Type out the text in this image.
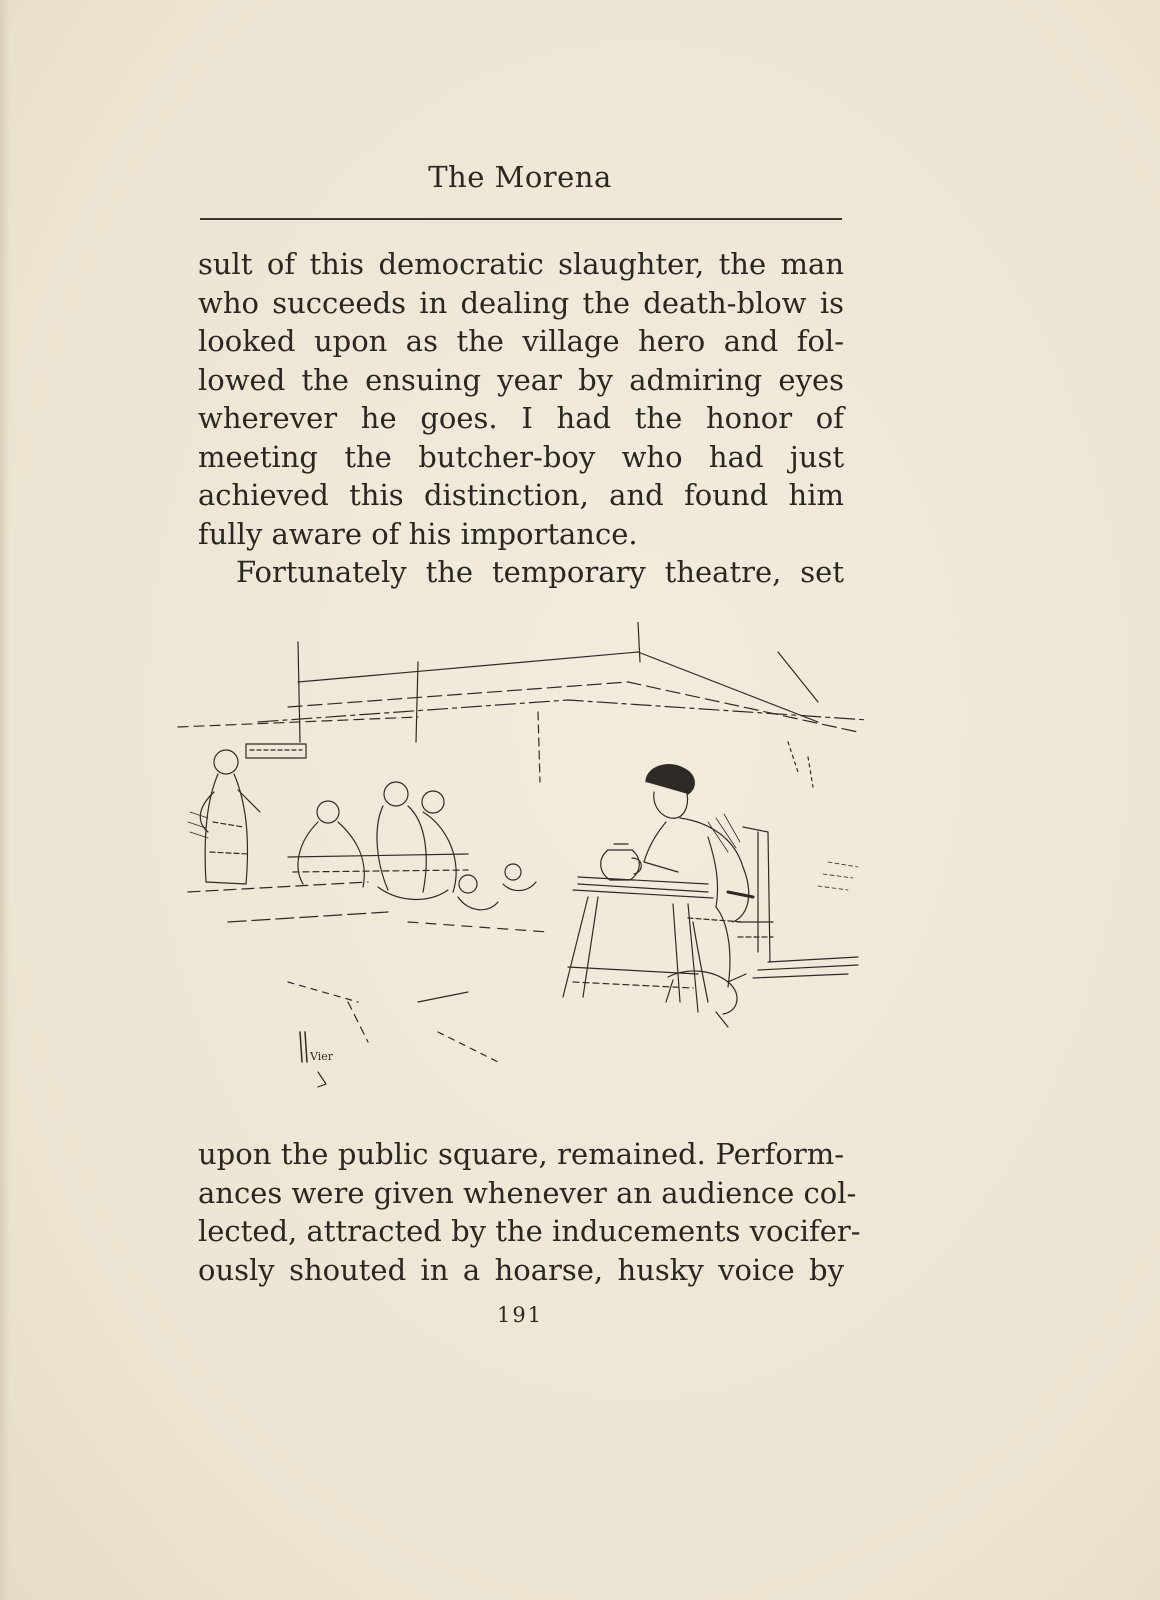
The Morena
sult of this democratic slaughter, the man
who succeeds in dealing the death-blow is
looked upon as the village hero and fol-
lowed the ensuing year by admiring eyes
wherever he goes. I had the honor of
meeting the butcher-boy who had just
achieved this distinction, and found him
fully aware of his importance.
Fortunately the temporary theatre, set
Vier
upon the public square, remained. Perform-
ances were given whenever an audience col-
lected, attracted by the inducements vocifer-
ously shouted in a hoarse, husky voice by
191
